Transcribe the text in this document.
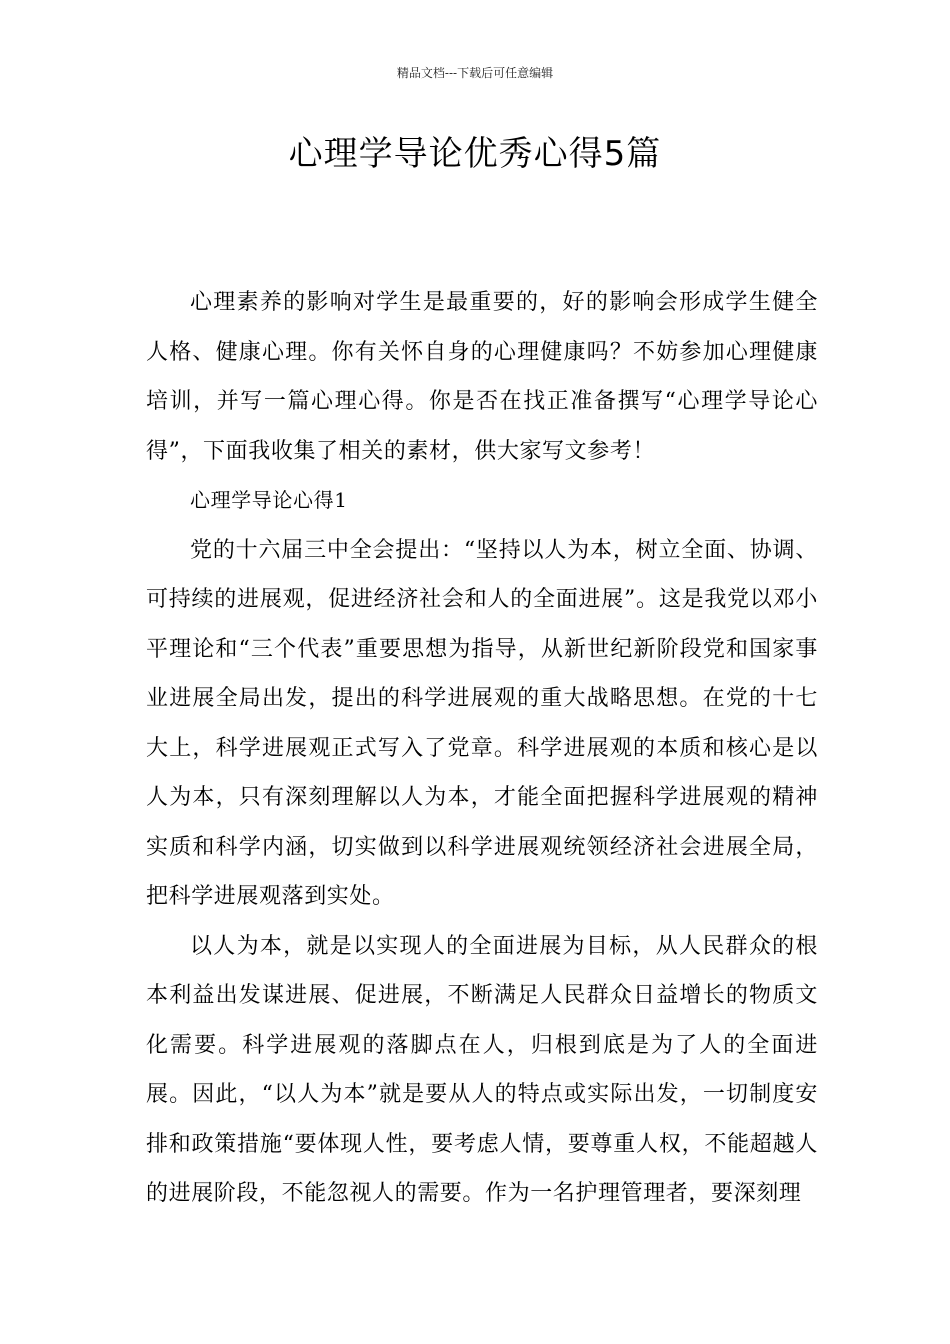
精品文档---下载后可任意编辑
心理学导论优秀心得5篇

心理素养的影响对学生是最重要的，好的影响会形成学生健全人格、健康心理。你有关怀自身的心理健康吗？不妨参加心理健康培训，并写一篇心理心得。你是否在找正准备撰写“心理学导论心得”，下面我收集了相关的素材，供大家写文参考！

心理学导论心得1

党的十六届三中全会提出：“坚持以人为本，树立全面、协调、可持续的进展观，促进经济社会和人的全面进展”。这是我党以邓小平理论和“三个代表”重要思想为指导，从新世纪新阶段党和国家事业进展全局出发，提出的科学进展观的重大战略思想。在党的十七大上，科学进展观正式写入了党章。科学进展观的本质和核心是以人为本，只有深刻理解以人为本，才能全面把握科学进展观的精神实质和科学内涵，切实做到以科学进展观统领经济社会进展全局，把科学进展观落到实处。

以人为本，就是以实现人的全面进展为目标，从人民群众的根本利益出发谋进展、促进展，不断满足人民群众日益增长的物质文化需要。科学进展观的落脚点在人，归根到底是为了人的全面进展。因此，“以人为本”就是要从人的特点或实际出发，一切制度安排和政策措施“要体现人性，要考虑人情，要尊重人权，不能超越人的进展阶段，不能忽视人的需要。作为一名护理管理者，要深刻理
